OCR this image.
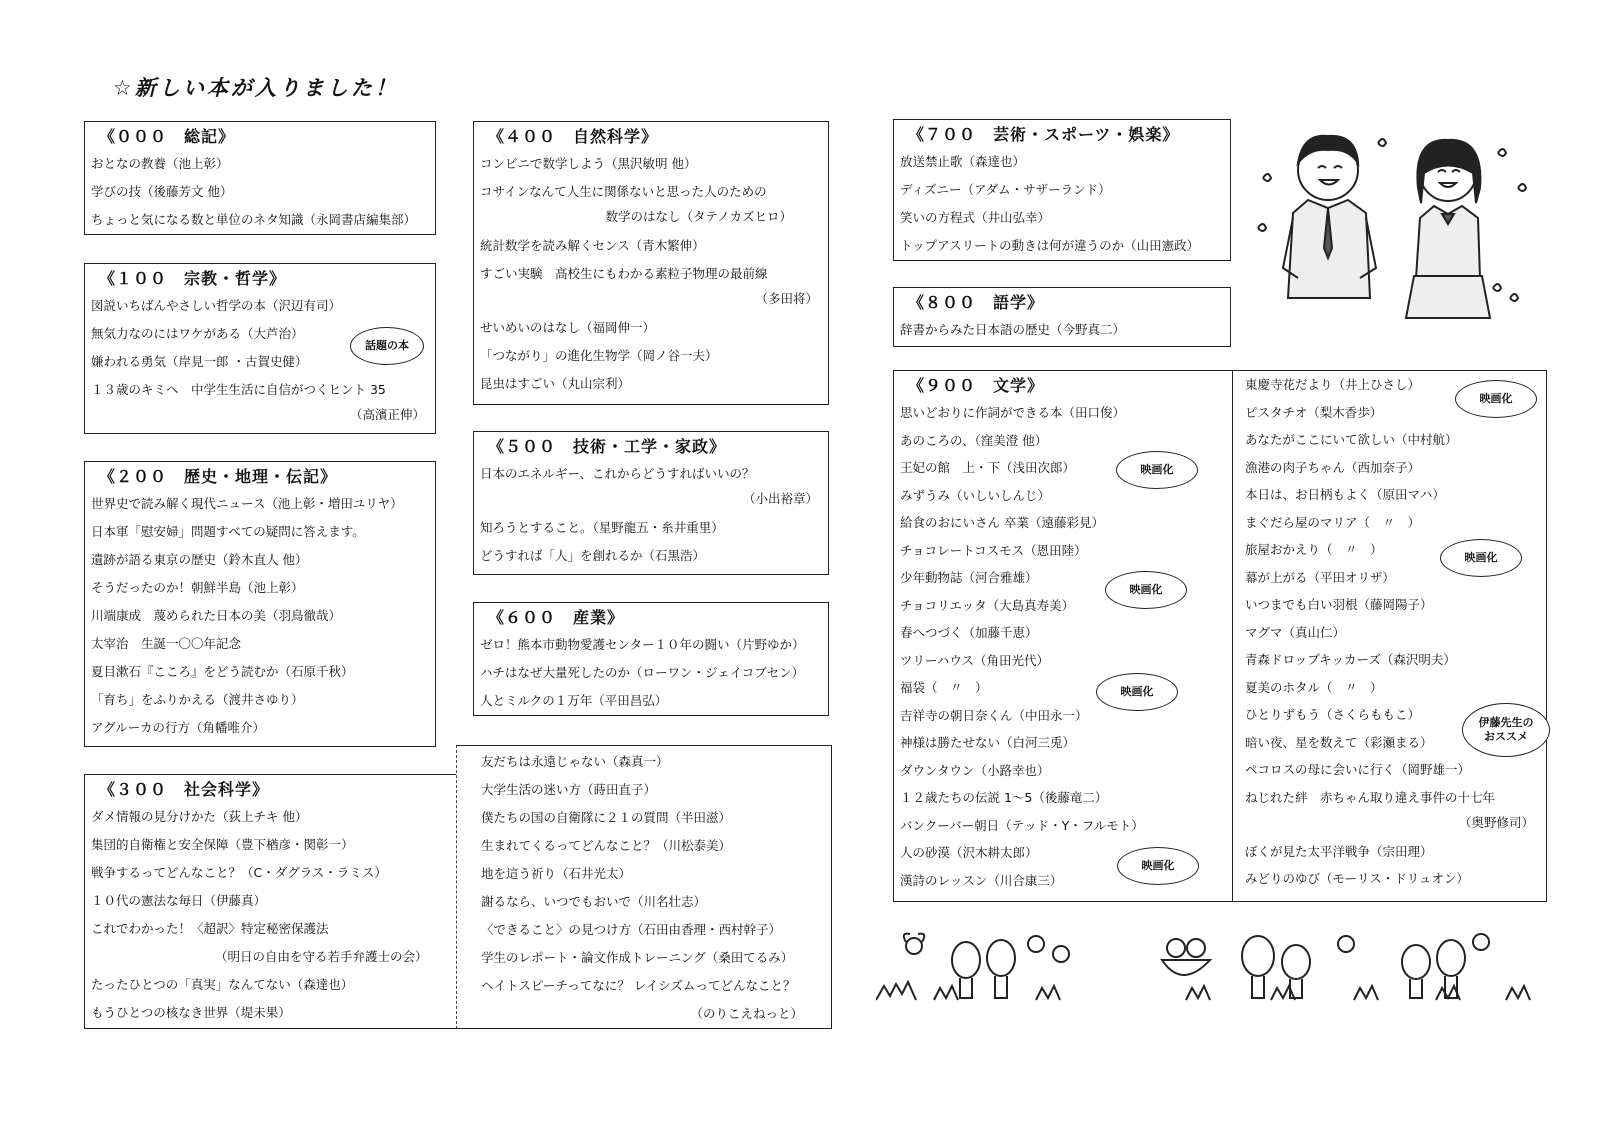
☆新しい本が入りました！
《０００　総記》
おとなの教養（池上彰）
学びの技（後藤芳文 他）
ちょっと気になる数と単位のネタ知識（永岡書店編集部）
《１００　宗教・哲学》
図説いちばんやさしい哲学の本（沢辺有司）
無気力なのにはワケがある（大芦治）
嫌われる勇気（岸見一郎 ・古賀史健）
１３歳のキミへ　中学生生活に自信がつくヒント 35
（高濱正伸）
《２００　歴史・地理・伝記》
世界史で読み解く現代ニュース（池上彰・増田ユリヤ）
日本軍「慰安婦」問題すべての疑問に答えます。
遺跡が語る東京の歴史（鈴木直人 他）
そうだったのか！朝鮮半島（池上彰）
川端康成　蔑められた日本の美（羽鳥徹哉）
太宰治　生誕一〇〇年記念
夏目漱石『こころ』をどう読むか（石原千秋）
「育ち」をふりかえる（渡井さゆり）
アグルーカの行方（角幡唯介）
《３００　社会科学》
ダメ情報の見分けかた（荻上チキ 他）
集団的自衛権と安全保障（豊下楢彦・関彰一）
戦争するってどんなこと？（C・ダグラス・ラミス）
１０代の憲法な毎日（伊藤真）
これでわかった！〈超訳〉特定秘密保護法
（明日の自由を守る若手弁護士の会）
たったひとつの「真実」なんてない（森達也）
もうひとつの核なき世界（堤未果）
友だちは永遠じゃない（森真一）
大学生活の迷い方（蒔田直子）
僕たちの国の自衛隊に２１の質問（半田滋）
生まれてくるってどんなこと？（川松泰美）
地を這う祈り（石井光太）
謝るなら、いつでもおいで（川名壮志）
〈できること〉の見つけ方（石田由香理・西村幹子）
学生のレポート・論文作成トレーニング（桑田てるみ）
ヘイトスピーチってなに？ レイシズムってどんなこと？
（のりこえねっと）
《４００　自然科学》
コンビニで数学しよう（黒沢敏明 他）
コサインなんて人生に関係ないと思った人のための
数学のはなし（タテノカズヒロ）
統計数学を読み解くセンス（青木繁伸）
すごい実験　高校生にもわかる素粒子物理の最前線
（多田将）
せいめいのはなし（福岡伸一）
「つながり」の進化生物学（岡ノ谷一夫）
昆虫はすごい（丸山宗利）
《５００　技術・工学・家政》
日本のエネルギー、これからどうすればいいの？
（小出裕章）
知ろうとすること。（星野龍五・糸井重里）
どうすれば「人」を創れるか（石黒浩）
《６００　産業》
ゼロ！熊本市動物愛護センター１０年の闘い（片野ゆか）
ハチはなぜ大量死したのか（ローワン・ジェイコブセン）
人とミルクの１万年（平田昌弘）
《７００　芸術・スポーツ・娯楽》
放送禁止歌（森達也）
ディズニー（アダム・サザーランド）
笑いの方程式（井山弘幸）
トップアスリートの動きは何が違うのか（山田憲政）
《８００　語学》
辞書からみた日本語の歴史（今野真二）
《９００　文学》
思いどおりに作詞ができる本（田口俊）
あのころの、（窪美澄 他）
王妃の館　上・下（浅田次郎）
みずうみ（いしいしんじ）
給食のおにいさん 卒業（遠藤彩見）
チョコレートコスモス（恩田陸）
少年動物誌（河合雅雄）
チョコリエッタ（大島真寿美）
春へつづく（加藤千恵）
ツリーハウス（角田光代）
福袋（　〃　）
吉祥寺の朝日奈くん（中田永一）
神様は勝たせない（白河三兎）
ダウンタウン（小路幸也）
１２歳たちの伝説 1～5（後藤竜二）
バンクーバー朝日（テッド・Y・フルモト）
人の砂漠（沢木耕太郎）
漢詩のレッスン（川合康三）
東慶寺花だより（井上ひさし）
ピスタチオ（梨木香歩）
あなたがここにいて欲しい（中村航）
漁港の肉子ちゃん（西加奈子）
本日は、お日柄もよく（原田マハ）
まぐだら屋のマリア（　〃　）
旅屋おかえり（　〃　）
幕が上がる（平田オリザ）
いつまでも白い羽根（藤岡陽子）
マグマ（真山仁）
青森ドロップキッカーズ（森沢明夫）
夏美のホタル（　〃　）
ひとりずもう（さくらももこ）
暗い夜、星を数えて（彩瀬まる）
ペコロスの母に会いに行く（岡野雄一）
ねじれた絆　赤ちゃん取り違え事件の十七年
（奥野修司）
ぼくが見た太平洋戦争（宗田理）
みどりのゆび（モーリス・ドリュオン）
話題の本
映画化
映画化
映画化
映画化
映画化
映画化
伊藤先生の
おススメ
